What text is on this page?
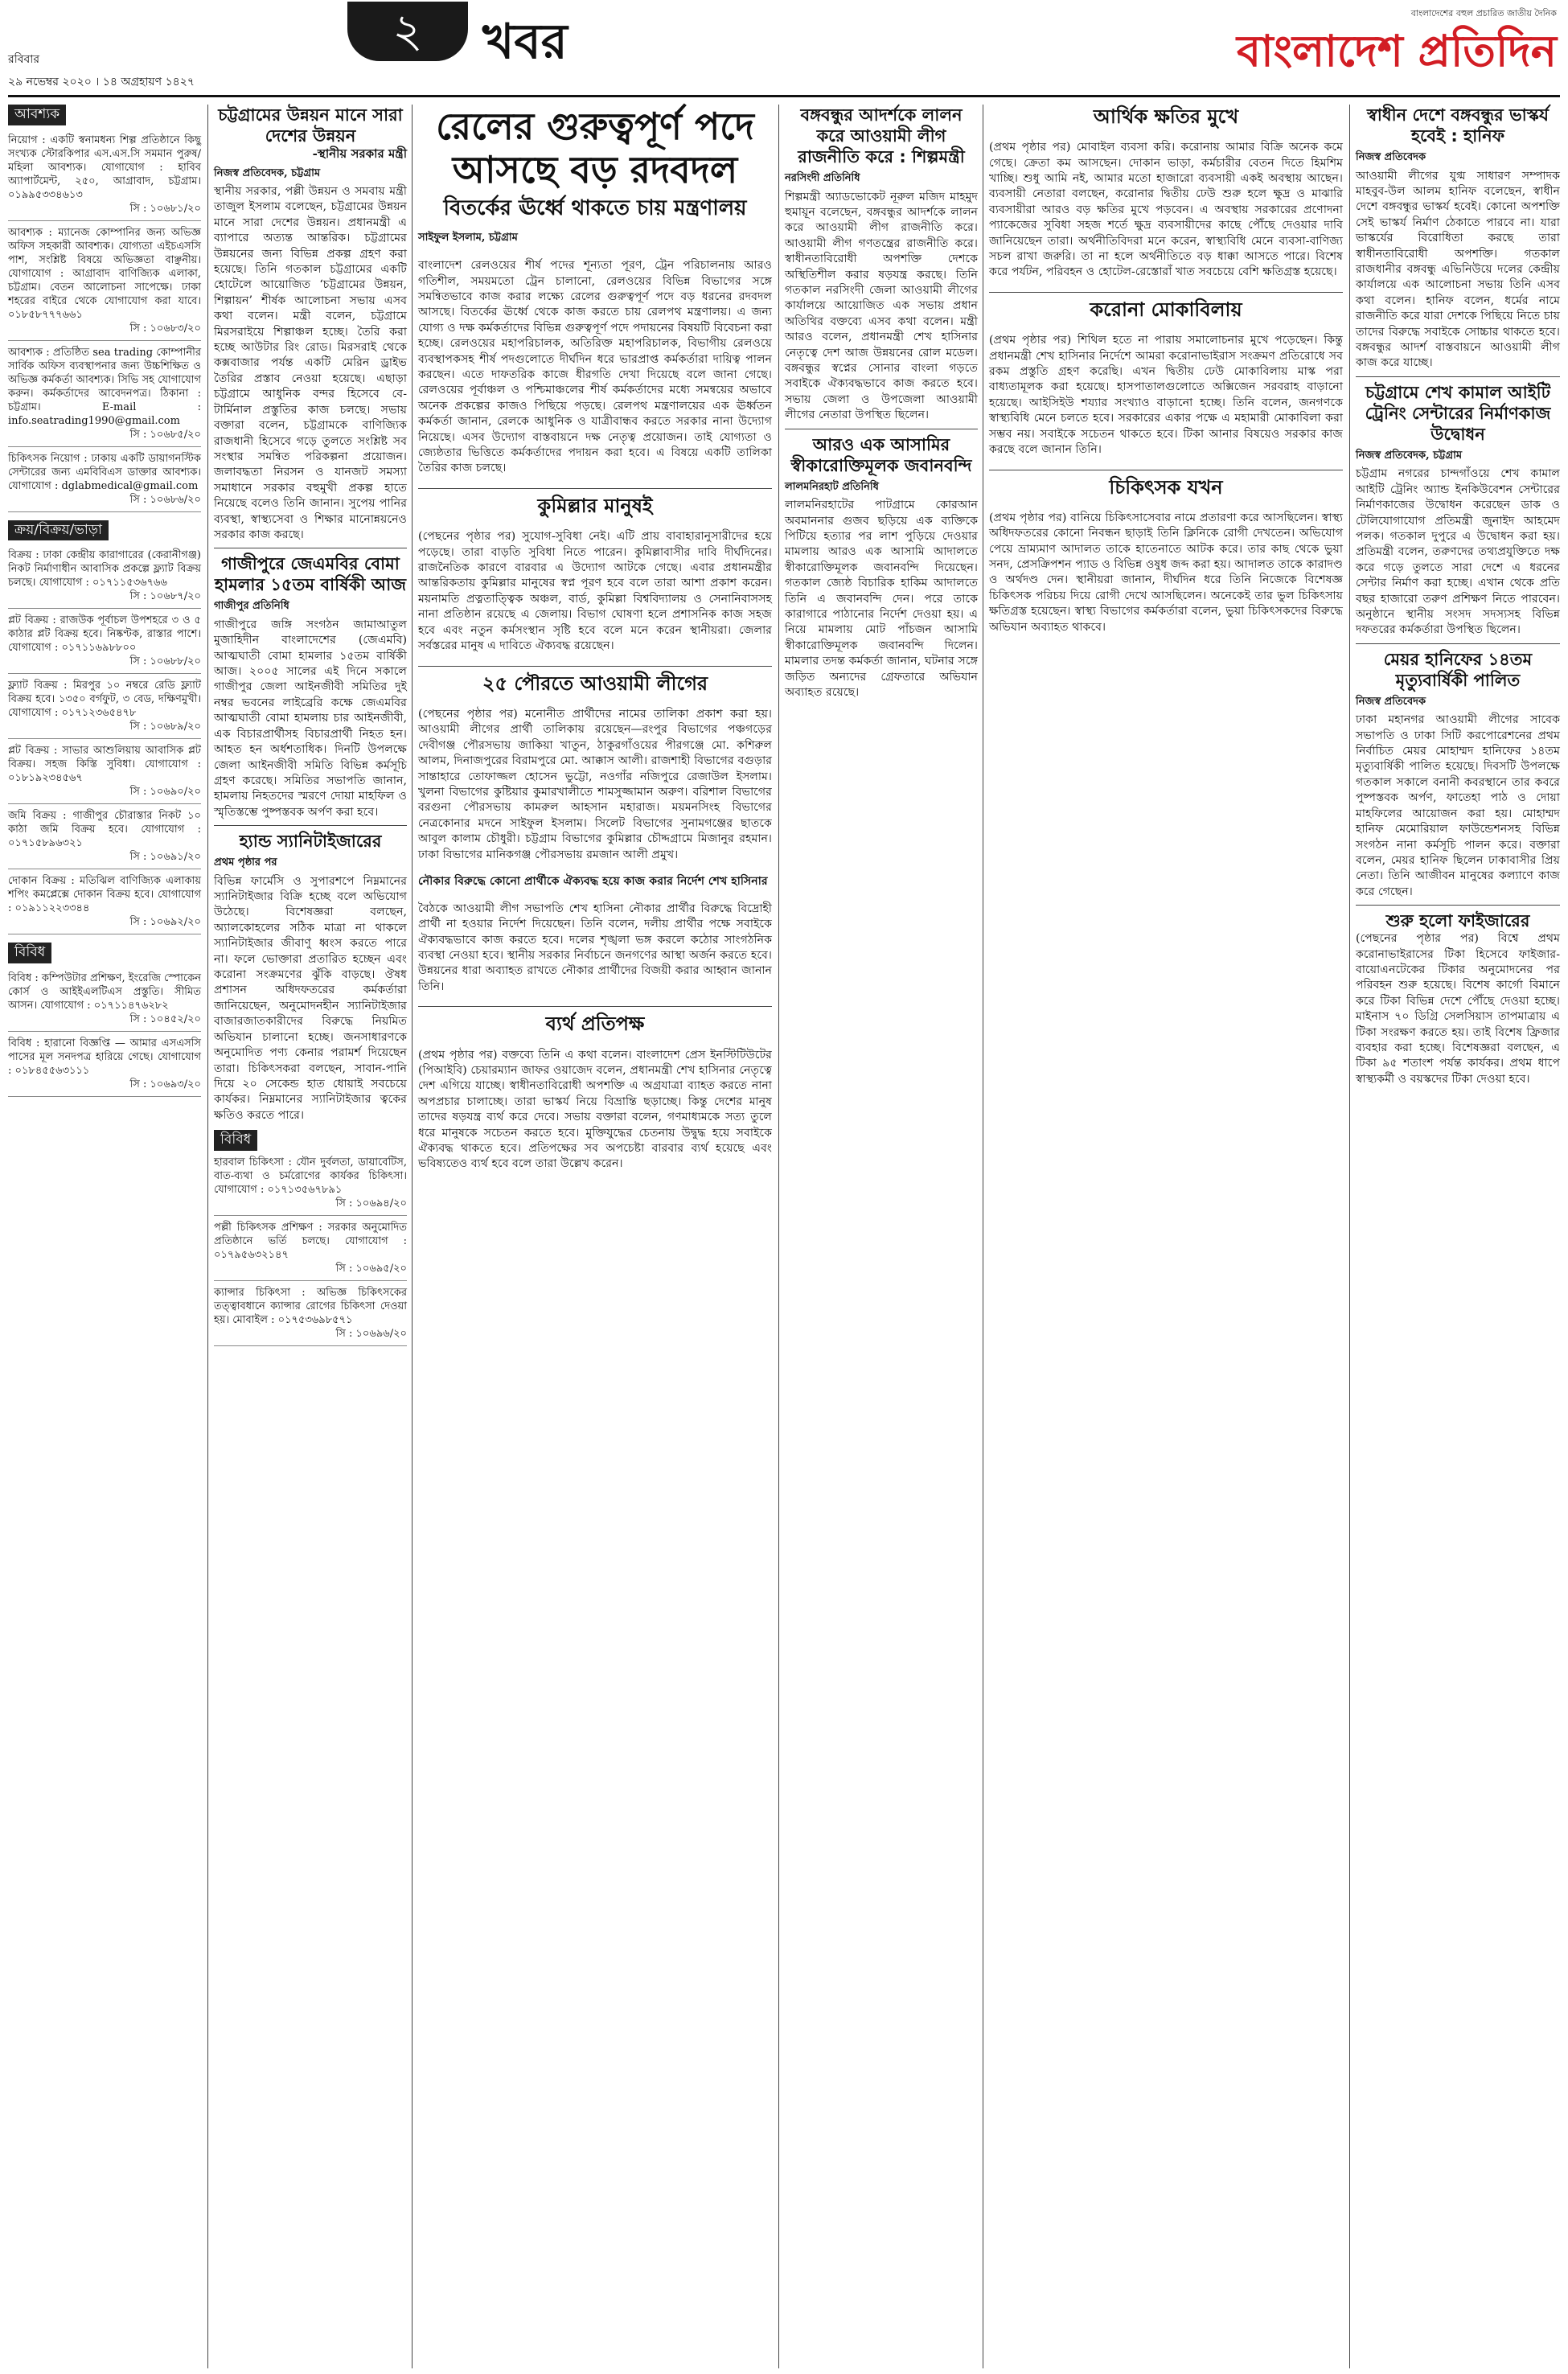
রবিবার
২৯ নভেম্বর ২০২০ । ১৪ অগ্রহায়ণ ১৪২৭
২	খবর
বাংলাদেশের বহুল প্রচারিত জাতীয় দৈনিক
বাংলাদেশ প্রতিদিন
আবশ্যক
নিয়োগ : একটি স্বনামধন্য শিল্প প্রতিষ্ঠানে কিছু সংখ্যক স্টোরকিপার এস.এস.সি সমমান পুরুষ/মহিলা আবশ্যক। যোগাযোগ : হাবিব অ্যাপার্টমেন্ট, ২৫০, আগ্রাবাদ, চট্টগ্রাম। ০১৯৯৫৩৩৪৬১৩
সি : ১০৬৮১/২০
আবশ্যক : ম্যানেজ কোম্পানির জন্য অভিজ্ঞ অফিস সহকারী আবশ্যক। যোগ্যতা এইচএসসি পাশ, সংশ্লিষ্ট বিষয়ে অভিজ্ঞতা বাঞ্ছনীয়। যোগাযোগ : আগ্রাবাদ বাণিজ্যিক এলাকা, চট্টগ্রাম। বেতন আলোচনা সাপেক্ষে। ঢাকা শহরের বাইরে থেকে যোগাযোগ করা যাবে। ০১৮৫৮৭৭৭৬৬১
সি : ১০৬৮৩/২০
আবশ্যক : প্রতিষ্ঠিত sea trading কোম্পানীর সার্বিক অফিস ব্যবস্থাপনার জন্য উচ্চশিক্ষিত ও অভিজ্ঞ কর্মকর্তা আবশ্যক। সিভি সহ যোগাযোগ করুন। কর্মকর্তাদের আবেদনপত্র। ঠিকানা : চট্টগ্রাম। E-mail : info.seatrading1990@gmail.com
সি : ১০৬৮৫/২০
চিকিৎসক নিয়োগ : ঢাকায় একটি ডায়াগনস্টিক সেন্টারের জন্য এমবিবিএস ডাক্তার আবশ্যক। যোগাযোগ : dglabmedical@gmail.com
সি : ১০৬৮৬/২০
ক্রয়/বিক্রয়/ভাড়া
বিক্রয় : ঢাকা কেন্দ্রীয় কারাগারের (কেরানীগঞ্জ) নিকট নির্মাণাধীন আবাসিক প্রকল্পে ফ্ল্যাট বিক্রয় চলছে। যোগাযোগ : ০১৭১১৫৩৬৭৬৬
সি : ১০৬৮৭/২০
প্লট বিক্রয় : রাজউক পূর্বাচল উপশহরে ৩ ও ৫ কাঠার প্লট বিক্রয় হবে। নিষ্কণ্টক, রাস্তার পাশে। যোগাযোগ : ০১৭১১৬৯৮৮০০
সি : ১০৬৮৮/২০
ফ্ল্যাট বিক্রয় : মিরপুর ১০ নম্বরে রেডি ফ্ল্যাট বিক্রয় হবে। ১৩৫০ বর্গফুট, ৩ বেড, দক্ষিণমুখী। যোগাযোগ : ০১৭১২৩৬৫৪৭৮
সি : ১০৬৮৯/২০
প্লট বিক্রয় : সাভার আশুলিয়ায় আবাসিক প্লট বিক্রয়। সহজ কিস্তি সুবিধা। যোগাযোগ : ০১৮১৯২৩৪৫৬৭
সি : ১০৬৯০/২০
জমি বিক্রয় : গাজীপুর চৌরাস্তার নিকট ১০ কাঠা জমি বিক্রয় হবে। যোগাযোগ : ০১৭১৫৮৯৬৩২১
সি : ১০৬৯১/২০
দোকান বিক্রয় : মতিঝিল বাণিজ্যিক এলাকায় শপিং কমপ্লেক্সে দোকান বিক্রয় হবে। যোগাযোগ : ০১৯১১২২৩৩৪৪
সি : ১০৬৯২/২০
বিবিধ
বিবিধ : কম্পিউটার প্রশিক্ষণ, ইংরেজি স্পোকেন কোর্স ও আইইএলটিএস প্রস্তুতি। সীমিত আসন। যোগাযোগ : ০১৭১১৪৭৬২৮২
সি : ১০৪৫২/২০
বিবিধ : হারানো বিজ্ঞপ্তি — আমার এসএসসি পাসের মূল সনদপত্র হারিয়ে গেছে। যোগাযোগ : ০১৮৪৫৫৬৩১১১
সি : ১০৬৯৩/২০
চট্টগ্রামের উন্নয়ন মানে সারা দেশের উন্নয়ন
-স্থানীয় সরকার মন্ত্রী
নিজস্ব প্রতিবেদক, চট্টগ্রাম

স্থানীয় সরকার, পল্লী উন্নয়ন ও সমবায় মন্ত্রী তাজুল ইসলাম বলেছেন, চট্টগ্রামের উন্নয়ন মানে সারা দেশের উন্নয়ন। প্রধানমন্ত্রী এ ব্যাপারে অত্যন্ত আন্তরিক। চট্টগ্রামের উন্নয়নের জন্য বিভিন্ন প্রকল্প গ্রহণ করা হয়েছে। তিনি গতকাল চট্টগ্রামের একটি হোটেলে আয়োজিত ‘চট্টগ্রামের উন্নয়ন, শিল্পায়ন’ শীর্ষক আলোচনা সভায় এসব কথা বলেন। মন্ত্রী বলেন, চট্টগ্রামে মিরসরাইয়ে শিল্পাঞ্চল হচ্ছে। তৈরি করা হচ্ছে আউটার রিং রোড। মিরসরাই থেকে কক্সবাজার পর্যন্ত একটি মেরিন ড্রাইভ তৈরির প্রস্তাব নেওয়া হয়েছে। এছাড়া চট্টগ্রামে আধুনিক বন্দর হিসেবে বে-টার্মিনাল প্রস্তুতির কাজ চলছে। সভায় বক্তারা বলেন, চট্টগ্রামকে বাণিজ্যিক রাজধানী হিসেবে গড়ে তুলতে সংশ্লিষ্ট সব সংস্থার সমন্বিত পরিকল্পনা প্রয়োজন। জলাবদ্ধতা নিরসন ও যানজট সমস্যা সমাধানে সরকার বহুমুখী প্রকল্প হাতে নিয়েছে বলেও তিনি জানান। সুপেয় পানির ব্যবস্থা, স্বাস্থ্যসেবা ও শিক্ষার মানোন্নয়নেও সরকার কাজ করছে।

গাজীপুরে জেএমবির বোমা হামলার ১৫তম বার্ষিকী আজ
গাজীপুর প্রতিনিধি

গাজীপুরে জঙ্গি সংগঠন জামাআতুল মুজাহিদীন বাংলাদেশের (জেএমবি) আত্মঘাতী বোমা হামলার ১৫তম বার্ষিকী আজ। ২০০৫ সালের এই দিনে সকালে গাজীপুর জেলা আইনজীবী সমিতির দুই নম্বর ভবনের লাইব্রেরি কক্ষে জেএমবির আত্মঘাতী বোমা হামলায় চার আইনজীবী, এক বিচারপ্রার্থীসহ বিচারপ্রার্থী নিহত হন। আহত হন অর্ধশতাধিক। দিনটি উপলক্ষে জেলা আইনজীবী সমিতি বিভিন্ন কর্মসূচি গ্রহণ করেছে। সমিতির সভাপতি জানান, হামলায় নিহতদের স্মরণে দোয়া মাহফিল ও স্মৃতিস্তম্ভে পুষ্পস্তবক অর্পণ করা হবে।

হ্যান্ড স্যানিটাইজারের
প্রথম পৃষ্ঠার পর

বিভিন্ন ফার্মেসি ও সুপারশপে নিম্নমানের স্যানিটাইজার বিক্রি হচ্ছে বলে অভিযোগ উঠেছে। বিশেষজ্ঞরা বলছেন, অ্যালকোহলের সঠিক মাত্রা না থাকলে স্যানিটাইজার জীবাণু ধ্বংস করতে পারে না। ফলে ভোক্তারা প্রতারিত হচ্ছেন এবং করোনা সংক্রমণের ঝুঁকি বাড়ছে। ঔষধ প্রশাসন অধিদফতরের কর্মকর্তারা জানিয়েছেন, অনুমোদনহীন স্যানিটাইজার বাজারজাতকারীদের বিরুদ্ধে নিয়মিত অভিযান চালানো হচ্ছে। জনসাধারণকে অনুমোদিত পণ্য কেনার পরামর্শ দিয়েছেন তারা। চিকিৎসকরা বলছেন, সাবান-পানি দিয়ে ২০ সেকেন্ড হাত ধোয়াই সবচেয়ে কার্যকর। নিম্নমানের স্যানিটাইজার ত্বকের ক্ষতিও করতে পারে।

বিবিধ
হারবাল চিকিৎসা : যৌন দুর্বলতা, ডায়াবেটিস, বাত-ব্যথা ও চর্মরোগের কার্যকর চিকিৎসা। যোগাযোগ : ০১৭১৩৫৬৭৮৯১
সি : ১০৬৯৪/২০
পল্লী চিকিৎসক প্রশিক্ষণ : সরকার অনুমোদিত প্রতিষ্ঠানে ভর্তি চলছে। যোগাযোগ : ০১৭৯৫৬৩২১৪৭
সি : ১০৬৯৫/২০
ক্যান্সার চিকিৎসা : অভিজ্ঞ চিকিৎসকের তত্ত্বাবধানে ক্যান্সার রোগের চিকিৎসা দেওয়া হয়। মোবাইল : ০১৭৫৩৬৯৮৫৭১
সি : ১০৬৯৬/২০
রেলের গুরুত্বপূর্ণ পদে আসছে বড় রদবদল
বিতর্কের ঊর্ধ্বে থাকতে চায় মন্ত্রণালয়
সাইফুল ইসলাম, চট্টগ্রাম

বাংলাদেশ রেলওয়ের শীর্ষ পদের শূন্যতা পূরণ, ট্রেন পরিচালনায় আরও গতিশীল, সময়মতো ট্রেন চালানো, রেলওয়ের বিভিন্ন বিভাগের সঙ্গে সমন্বিতভাবে কাজ করার লক্ষ্যে রেলের গুরুত্বপূর্ণ পদে বড় ধরনের রদবদল আসছে। বিতর্কের ঊর্ধ্বে থেকে কাজ করতে চায় রেলপথ মন্ত্রণালয়। এ জন্য যোগ্য ও দক্ষ কর্মকর্তাদের বিভিন্ন গুরুত্বপূর্ণ পদে পদায়নের বিষয়টি বিবেচনা করা হচ্ছে। রেলওয়ের মহাপরিচালক, অতিরিক্ত মহাপরিচালক, বিভাগীয় রেলওয়ে ব্যবস্থাপকসহ শীর্ষ পদগুলোতে দীর্ঘদিন ধরে ভারপ্রাপ্ত কর্মকর্তারা দায়িত্ব পালন করছেন। এতে দাফতরিক কাজে ধীরগতি দেখা দিয়েছে বলে জানা গেছে। রেলওয়ের পূর্বাঞ্চল ও পশ্চিমাঞ্চলের শীর্ষ কর্মকর্তাদের মধ্যে সমন্বয়ের অভাবে অনেক প্রকল্পের কাজও পিছিয়ে পড়ছে। রেলপথ মন্ত্রণালয়ের এক ঊর্ধ্বতন কর্মকর্তা জানান, রেলকে আধুনিক ও যাত্রীবান্ধব করতে সরকার নানা উদ্যোগ নিয়েছে। এসব উদ্যোগ বাস্তবায়নে দক্ষ নেতৃত্ব প্রয়োজন। তাই যোগ্যতা ও জ্যেষ্ঠতার ভিত্তিতে কর্মকর্তাদের পদায়ন করা হবে। এ বিষয়ে একটি তালিকা তৈরির কাজ চলছে।

কুমিল্লার মানুষই

(পেছনের পৃষ্ঠার পর) সুযোগ-সুবিধা নেই। এটি প্রায় বাবাহারানুসারীদের হয়ে পড়েছে। তারা বাড়তি সুবিধা নিতে পারেন। কুমিল্লাবাসীর দাবি দীর্ঘদিনের। রাজনৈতিক কারণে বারবার এ উদ্যোগ আটকে গেছে। এবার প্রধানমন্ত্রীর আন্তরিকতায় কুমিল্লার মানুষের স্বপ্ন পূরণ হবে বলে তারা আশা প্রকাশ করেন। ময়নামতি প্রত্নতাত্ত্বিক অঞ্চল, বার্ড, কুমিল্লা বিশ্ববিদ্যালয় ও সেনানিবাসসহ নানা প্রতিষ্ঠান রয়েছে এ জেলায়। বিভাগ ঘোষণা হলে প্রশাসনিক কাজ সহজ হবে এবং নতুন কর্মসংস্থান সৃষ্টি হবে বলে মনে করেন স্থানীয়রা। জেলার সর্বস্তরের মানুষ এ দাবিতে ঐক্যবদ্ধ রয়েছেন।

২৫ পৌরতে আওয়ামী লীগের

(পেছনের পৃষ্ঠার পর) মনোনীত প্রার্থীদের নামের তালিকা প্রকাশ করা হয়। আওয়ামী লীগের প্রার্থী তালিকায় রয়েছেন—রংপুর বিভাগের পঞ্চগড়ের দেবীগঞ্জ পৌরসভায় জাকিয়া খাতুন, ঠাকুরগাঁওয়ের পীরগঞ্জে মো. কশিরুল আলম, দিনাজপুরের বিরামপুরে মো. আক্কাস আলী। রাজশাহী বিভাগের বগুড়ার সান্তাহারে তোফাজ্জল হোসেন ভুট্টো, নওগাঁর নজিপুরে রেজাউল ইসলাম। খুলনা বিভাগের কুষ্টিয়ার কুমারখালীতে শামসুজ্জামান অরুণ। বরিশাল বিভাগের বরগুনা পৌরসভায় কামরুল আহসান মহারাজ। ময়মনসিংহ বিভাগের নেত্রকোনার মদনে সাইফুল ইসলাম। সিলেট বিভাগের সুনামগঞ্জের ছাতকে আবুল কালাম চৌধুরী। চট্টগ্রাম বিভাগের কুমিল্লার চৌদ্দগ্রামে মিজানুর রহমান। ঢাকা বিভাগের মানিকগঞ্জ পৌরসভায় রমজান আলী প্রমুখ।

নৌকার বিরুদ্ধে কোনো প্রার্থীকে ঐক্যবদ্ধ হয়ে কাজ করার নির্দেশ শেখ হাসিনার

বৈঠকে আওয়ামী লীগ সভাপতি শেখ হাসিনা নৌকার প্রার্থীর বিরুদ্ধে বিদ্রোহী প্রার্থী না হওয়ার নির্দেশ দিয়েছেন। তিনি বলেন, দলীয় প্রার্থীর পক্ষে সবাইকে ঐক্যবদ্ধভাবে কাজ করতে হবে। দলের শৃঙ্খলা ভঙ্গ করলে কঠোর সাংগঠনিক ব্যবস্থা নেওয়া হবে। স্থানীয় সরকার নির্বাচনে জনগণের আস্থা অর্জন করতে হবে। উন্নয়নের ধারা অব্যাহত রাখতে নৌকার প্রার্থীদের বিজয়ী করার আহ্বান জানান তিনি।

ব্যর্থ প্রতিপক্ষ

(প্রথম পৃষ্ঠার পর) বক্তব্যে তিনি এ কথা বলেন। বাংলাদেশ প্রেস ইনস্টিটিউটের (পিআইবি) চেয়ারম্যান জাফর ওয়াজেদ বলেন, প্রধানমন্ত্রী শেখ হাসিনার নেতৃত্বে দেশ এগিয়ে যাচ্ছে। স্বাধীনতাবিরোধী অপশক্তি এ অগ্রযাত্রা ব্যাহত করতে নানা অপপ্রচার চালাচ্ছে। তারা ভাস্কর্য নিয়ে বিভ্রান্তি ছড়াচ্ছে। কিন্তু দেশের মানুষ তাদের ষড়যন্ত্র ব্যর্থ করে দেবে। সভায় বক্তারা বলেন, গণমাধ্যমকে সত্য তুলে ধরে মানুষকে সচেতন করতে হবে। মুক্তিযুদ্ধের চেতনায় উদ্বুদ্ধ হয়ে সবাইকে ঐক্যবদ্ধ থাকতে হবে। প্রতিপক্ষের সব অপচেষ্টা বারবার ব্যর্থ হয়েছে এবং ভবিষ্যতেও ব্যর্থ হবে বলে তারা উল্লেখ করেন।

বঙ্গবন্ধুর আদর্শকে লালন করে আওয়ামী লীগ রাজনীতি করে : শিল্পমন্ত্রী
নরসিংদী প্রতিনিধি

শিল্পমন্ত্রী অ্যাডভোকেট নূরুল মজিদ মাহমুদ হুমায়ূন বলেছেন, বঙ্গবন্ধুর আদর্শকে লালন করে আওয়ামী লীগ রাজনীতি করে। আওয়ামী লীগ গণতন্ত্রের রাজনীতি করে। স্বাধীনতাবিরোধী অপশক্তি দেশকে অস্থিতিশীল করার ষড়যন্ত্র করছে। তিনি গতকাল নরসিংদী জেলা আওয়ামী লীগের কার্যালয়ে আয়োজিত এক সভায় প্রধান অতিথির বক্তব্যে এসব কথা বলেন। মন্ত্রী আরও বলেন, প্রধানমন্ত্রী শেখ হাসিনার নেতৃত্বে দেশ আজ উন্নয়নের রোল মডেল। বঙ্গবন্ধুর স্বপ্নের সোনার বাংলা গড়তে সবাইকে ঐক্যবদ্ধভাবে কাজ করতে হবে। সভায় জেলা ও উপজেলা আওয়ামী লীগের নেতারা উপস্থিত ছিলেন।

আরও এক আসামির স্বীকারোক্তিমূলক জবানবন্দি
লালমনিরহাট প্রতিনিধি

লালমনিরহাটের পাটগ্রামে কোরআন অবমাননার গুজব ছড়িয়ে এক ব্যক্তিকে পিটিয়ে হত্যার পর লাশ পুড়িয়ে দেওয়ার মামলায় আরও এক আসামি আদালতে স্বীকারোক্তিমূলক জবানবন্দি দিয়েছেন। গতকাল জ্যেষ্ঠ বিচারিক হাকিম আদালতে তিনি এ জবানবন্দি দেন। পরে তাকে কারাগারে পাঠানোর নির্দেশ দেওয়া হয়। এ নিয়ে মামলায় মোট পাঁচজন আসামি স্বীকারোক্তিমূলক জবানবন্দি দিলেন। মামলার তদন্ত কর্মকর্তা জানান, ঘটনার সঙ্গে জড়িত অন্যদের গ্রেফতারে অভিযান অব্যাহত রয়েছে।

আর্থিক ক্ষতির মুখে

(প্রথম পৃষ্ঠার পর) মোবাইল ব্যবসা করি। করোনায় আমার বিক্রি অনেক কমে গেছে। ক্রেতা কম আসছেন। দোকান ভাড়া, কর্মচারীর বেতন দিতে হিমশিম খাচ্ছি। শুধু আমি নই, আমার মতো হাজারো ব্যবসায়ী একই অবস্থায় আছেন। ব্যবসায়ী নেতারা বলছেন, করোনার দ্বিতীয় ঢেউ শুরু হলে ক্ষুদ্র ও মাঝারি ব্যবসায়ীরা আরও বড় ক্ষতির মুখে পড়বেন। এ অবস্থায় সরকারের প্রণোদনা প্যাকেজের সুবিধা সহজ শর্তে ক্ষুদ্র ব্যবসায়ীদের কাছে পৌঁছে দেওয়ার দাবি জানিয়েছেন তারা। অর্থনীতিবিদরা মনে করেন, স্বাস্থ্যবিধি মেনে ব্যবসা-বাণিজ্য সচল রাখা জরুরি। তা না হলে অর্থনীতিতে বড় ধাক্কা আসতে পারে। বিশেষ করে পর্যটন, পরিবহন ও হোটেল-রেস্তোরাঁ খাত সবচেয়ে বেশি ক্ষতিগ্রস্ত হয়েছে।

করোনা মোকাবিলায়

(প্রথম পৃষ্ঠার পর) শিথিল হতে না পারায় সমালোচনার মুখে পড়েছেন। কিন্তু প্রধানমন্ত্রী শেখ হাসিনার নির্দেশে আমরা করোনাভাইরাস সংক্রমণ প্রতিরোধে সব রকম প্রস্তুতি গ্রহণ করেছি। এখন দ্বিতীয় ঢেউ মোকাবিলায় মাস্ক পরা বাধ্যতামূলক করা হয়েছে। হাসপাতালগুলোতে অক্সিজেন সরবরাহ বাড়ানো হয়েছে। আইসিইউ শয্যার সংখ্যাও বাড়ানো হচ্ছে। তিনি বলেন, জনগণকে স্বাস্থ্যবিধি মেনে চলতে হবে। সরকারের একার পক্ষে এ মহামারী মোকাবিলা করা সম্ভব নয়। সবাইকে সচেতন থাকতে হবে। টিকা আনার বিষয়েও সরকার কাজ করছে বলে জানান তিনি।

চিকিৎসক যখন

(প্রথম পৃষ্ঠার পর) বানিয়ে চিকিৎসাসেবার নামে প্রতারণা করে আসছিলেন। স্বাস্থ্য অধিদফতরের কোনো নিবন্ধন ছাড়াই তিনি ক্লিনিকে রোগী দেখতেন। অভিযোগ পেয়ে ভ্রাম্যমাণ আদালত তাকে হাতেনাতে আটক করে। তার কাছ থেকে ভুয়া সনদ, প্রেসক্রিপশন প্যাড ও বিভিন্ন ওষুধ জব্দ করা হয়। আদালত তাকে কারাদণ্ড ও অর্থদণ্ড দেন। স্থানীয়রা জানান, দীর্ঘদিন ধরে তিনি নিজেকে বিশেষজ্ঞ চিকিৎসক পরিচয় দিয়ে রোগী দেখে আসছিলেন। অনেকেই তার ভুল চিকিৎসায় ক্ষতিগ্রস্ত হয়েছেন। স্বাস্থ্য বিভাগের কর্মকর্তারা বলেন, ভুয়া চিকিৎসকদের বিরুদ্ধে অভিযান অব্যাহত থাকবে।

স্বাধীন দেশে বঙ্গবন্ধুর ভাস্কর্য হবেই : হানিফ
নিজস্ব প্রতিবেদক

আওয়ামী লীগের যুগ্ম সাধারণ সম্পাদক মাহবুব-উল আলম হানিফ বলেছেন, স্বাধীন দেশে বঙ্গবন্ধুর ভাস্কর্য হবেই। কোনো অপশক্তি সেই ভাস্কর্য নির্মাণ ঠেকাতে পারবে না। যারা ভাস্কর্যের বিরোধিতা করছে তারা স্বাধীনতাবিরোধী অপশক্তি। গতকাল রাজধানীর বঙ্গবন্ধু এভিনিউয়ে দলের কেন্দ্রীয় কার্যালয়ে এক আলোচনা সভায় তিনি এসব কথা বলেন। হানিফ বলেন, ধর্মের নামে রাজনীতি করে যারা দেশকে পিছিয়ে নিতে চায় তাদের বিরুদ্ধে সবাইকে সোচ্চার থাকতে হবে। বঙ্গবন্ধুর আদর্শ বাস্তবায়নে আওয়ামী লীগ কাজ করে যাচ্ছে।

চট্টগ্রামে শেখ কামাল আইটি ট্রেনিং সেন্টারের নির্মাণকাজ উদ্বোধন
নিজস্ব প্রতিবেদক, চট্টগ্রাম

চট্টগ্রাম নগরের চান্দগাঁওয়ে শেখ কামাল আইটি ট্রেনিং অ্যান্ড ইনকিউবেশন সেন্টারের নির্মাণকাজের উদ্বোধন করেছেন ডাক ও টেলিযোগাযোগ প্রতিমন্ত্রী জুনাইদ আহমেদ পলক। গতকাল দুপুরে এ উদ্বোধন করা হয়। প্রতিমন্ত্রী বলেন, তরুণদের তথ্যপ্রযুক্তিতে দক্ষ করে গড়ে তুলতে সারা দেশে এ ধরনের সেন্টার নির্মাণ করা হচ্ছে। এখান থেকে প্রতি বছর হাজারো তরুণ প্রশিক্ষণ নিতে পারবেন। অনুষ্ঠানে স্থানীয় সংসদ সদস্যসহ বিভিন্ন দফতরের কর্মকর্তারা উপস্থিত ছিলেন।

মেয়র হানিফের ১৪তম মৃত্যুবার্ষিকী পালিত
নিজস্ব প্রতিবেদক

ঢাকা মহানগর আওয়ামী লীগের সাবেক সভাপতি ও ঢাকা সিটি করপোরেশনের প্রথম নির্বাচিত মেয়র মোহাম্মদ হানিফের ১৪তম মৃত্যুবার্ষিকী পালিত হয়েছে। দিবসটি উপলক্ষে গতকাল সকালে বনানী কবরস্থানে তার কবরে পুষ্পস্তবক অর্পণ, ফাতেহা পাঠ ও দোয়া মাহফিলের আয়োজন করা হয়। মোহাম্মদ হানিফ মেমোরিয়াল ফাউন্ডেশনসহ বিভিন্ন সংগঠন নানা কর্মসূচি পালন করে। বক্তারা বলেন, মেয়র হানিফ ছিলেন ঢাকাবাসীর প্রিয় নেতা। তিনি আজীবন মানুষের কল্যাণে কাজ করে গেছেন।

শুরু হলো ফাইজারের

(পেছনের পৃষ্ঠার পর) বিশ্বে প্রথম করোনাভাইরাসের টিকা হিসেবে ফাইজার-বায়োএনটেকের টিকার অনুমোদনের পর পরিবহন শুরু হয়েছে। বিশেষ কার্গো বিমানে করে টিকা বিভিন্ন দেশে পৌঁছে দেওয়া হচ্ছে। মাইনাস ৭০ ডিগ্রি সেলসিয়াস তাপমাত্রায় এ টিকা সংরক্ষণ করতে হয়। তাই বিশেষ ফ্রিজার ব্যবহার করা হচ্ছে। বিশেষজ্ঞরা বলছেন, এ টিকা ৯৫ শতাংশ পর্যন্ত কার্যকর। প্রথম ধাপে স্বাস্থ্যকর্মী ও বয়স্কদের টিকা দেওয়া হবে।
